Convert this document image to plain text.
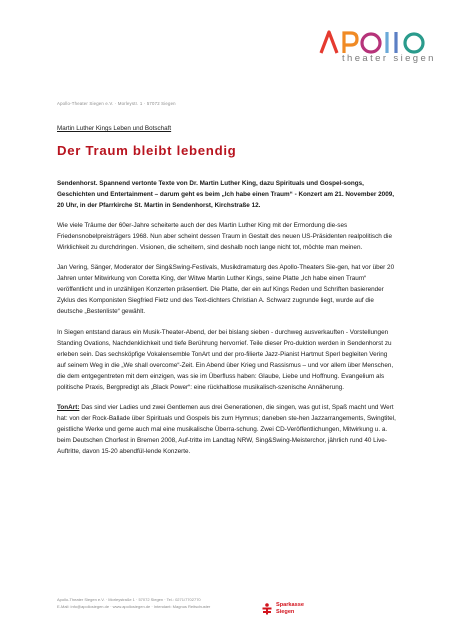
theater siegen
Apollo-Theater Siegen e.V. · Morleystr. 1 · 57072 Siegen
Martin Luther Kings Leben und Botschaft
Der Traum bleibt lebendig

Sendenhorst. Spannend vertonte Texte von Dr. Martin Luther King, dazu Spirituals und Gospel-songs, Geschichten und Entertainment – darum geht es beim „Ich habe einen Traum“ - Konzert am 21. November 2009, 20 Uhr, in der Pfarrkirche St. Martin in Sendenhorst, Kirchstraße 12.

Wie viele Träume der 60er-Jahre scheiterte auch der des Martin Luther King mit der Ermordung die-ses Friedensnobelpreisträgers 1968. Nun aber scheint dessen Traum in Gestalt des neuen US-Präsidenten realpolitisch die Wirklichkeit zu durchdringen. Visionen, die scheitern, sind deshalb noch lange nicht tot, möchte man meinen.

Jan Vering, Sänger, Moderator der Sing&Swing-Festivals, Musikdramaturg des Apollo-Theaters Sie-gen, hat vor über 20 Jahren unter Mitwirkung von Coretta King, der Witwe Martin Luther Kings, seine Platte „Ich habe einen Traum“ veröffentlicht und in unzähligen Konzerten präsentiert. Die Platte, der ein auf Kings Reden und Schriften basierender Zyklus des Komponisten Siegfried Fietz und des Text-dichters Christian A. Schwarz zugrunde liegt, wurde auf die deutsche „Bestenliste“ gewählt.

In Siegen entstand daraus ein Musik-Theater-Abend, der bei bislang sieben - durchweg ausverkauften - Vorstellungen Standing Ovations, Nachdenklichkeit und tiefe Berührung hervorrief. Teile dieser Pro-duktion werden in Sendenhorst zu erleben sein. Das sechsköpfige Vokalensemble TonArt und der pro-filierte Jazz-Pianist Hartmut Sperl begleiten Vering auf seinem Weg in die „We shall overcome“-Zeit. Ein Abend über Krieg und Rassismus – und vor allem über Menschen, die dem entgegentreten mit dem einzigen, was sie im Überfluss haben: Glaube, Liebe und Hoffnung. Evangelium als politische Praxis, Bergpredigt als „Black Power“: eine rückhaltlose musikalisch-szenische Annäherung.

TonArt: Das sind vier Ladies und zwei Gentlemen aus drei Generationen, die singen, was gut ist, Spaß macht und Wert hat: von der Rock-Ballade über Spirituals und Gospels bis zum Hymnus; daneben ste-hen Jazzarrangements, Swingtitel, geistliche Werke und gerne auch mal eine musikalische Überra-schung. Zwei CD-Veröffentlichungen, Mitwirkung u. a. beim Deutschen Chorfest in Bremen 2008, Auf-tritte im Landtag NRW, Sing&Swing-Meisterchor, jährlich rund 40 Live-Auftritte, davon 15-20 abendfül-lende Konzerte.

Apollo-Theater Siegen e.V. · Morleystraße 1 · 57072 Siegen · Tel.: 0271/7702770
E-Mail: info@apollosiegen.de · www.apollosiegen.de · Intendant: Magnus Reitschuster	Sparkasse
Siegen
